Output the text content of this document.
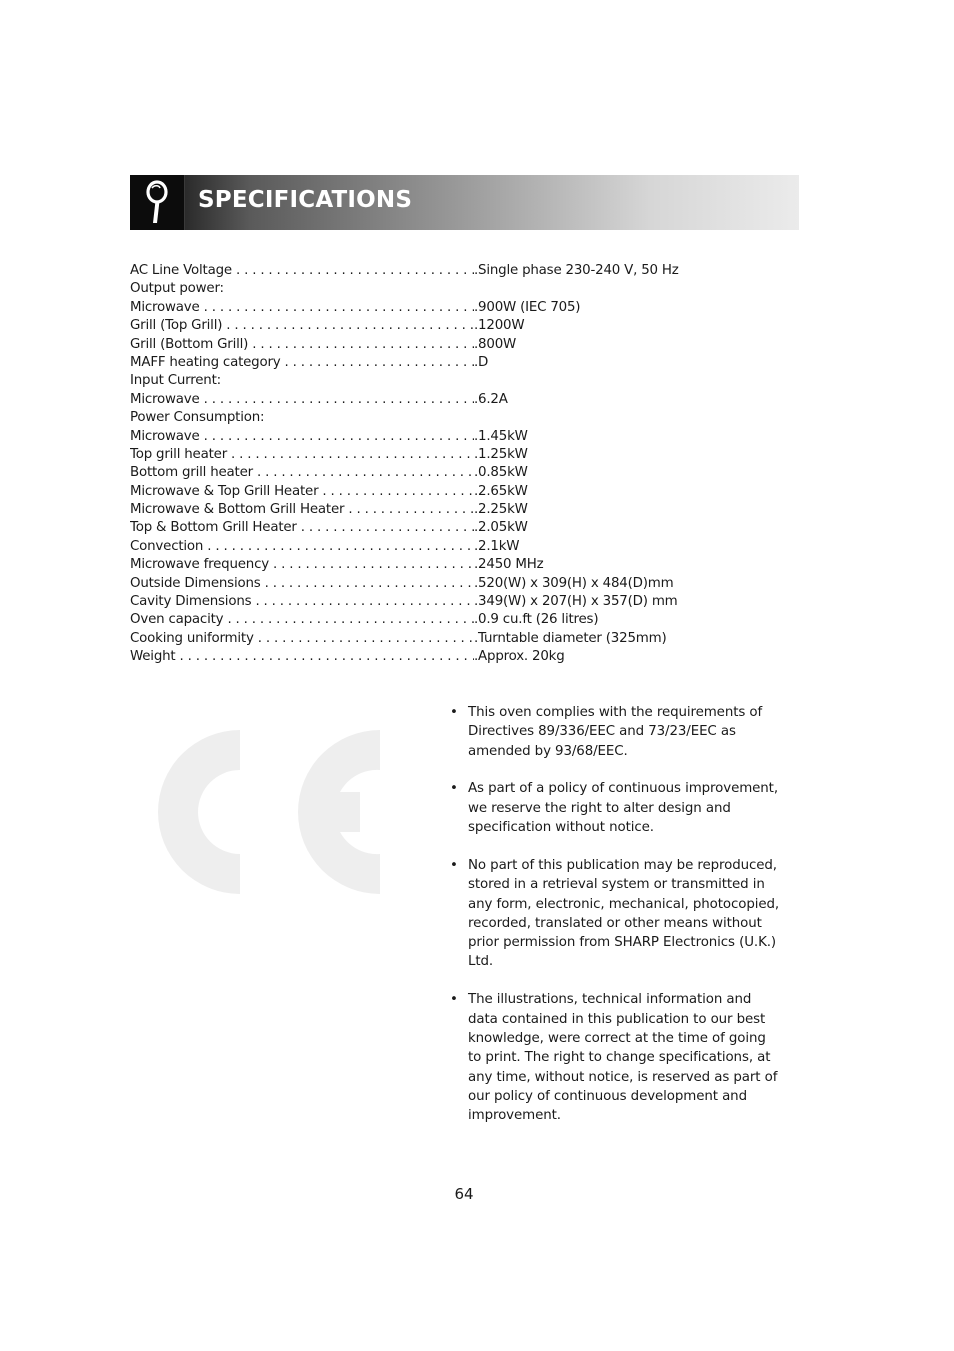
SPECIFICATIONS
AC Line Voltage . . .	.Single phase 230-240 V, 50 Hz
Output power:
Microwave . . .	.900W (IEC 705)
Grill (Top Grill) . . .	.1200W
Grill (Bottom Grill) . . .	.800W
MAFF heating category . . .	.D
Input Current:
Microwave . . .	.6.2A
Power Consumption:
Microwave . . .	.1.45kW
Top grill heater . . .	.1.25kW
Bottom grill heater . . .	.0.85kW
Microwave & Top Grill Heater . . .	.2.65kW
Microwave & Bottom Grill Heater . . .	.2.25kW
Top & Bottom Grill Heater . . .	.2.05kW
Convection . . .	.2.1kW
Microwave frequency . . .	.2450 MHz
Outside Dimensions . . .	.520(W) x 309(H) x 484(D)mm
Cavity Dimensions . . .	.349(W) x 207(H) x 357(D) mm
Oven capacity . . .	.0.9 cu.ft (26 litres)
Cooking uniformity . . .	.Turntable diameter (325mm)
Weight . . .	.Approx. 20kg
• This oven complies with the requirements of Directives 89/336/EEC and 73/23/EEC as amended by 93/68/EEC.
• As part of a policy of continuous improvement, we reserve the right to alter design and specification without notice.
• No part of this publication may be reproduced, stored in a retrieval system or transmitted in any form, electronic, mechanical, photocopied, recorded, translated or other means without prior permission from SHARP Electronics (U.K.) Ltd.
• The illustrations, technical information and data contained in this publication to our best knowledge, were correct at the time of going to print. The right to change specifications, at any time, without notice, is reserved as part of our policy of continuous development and improvement.
64
